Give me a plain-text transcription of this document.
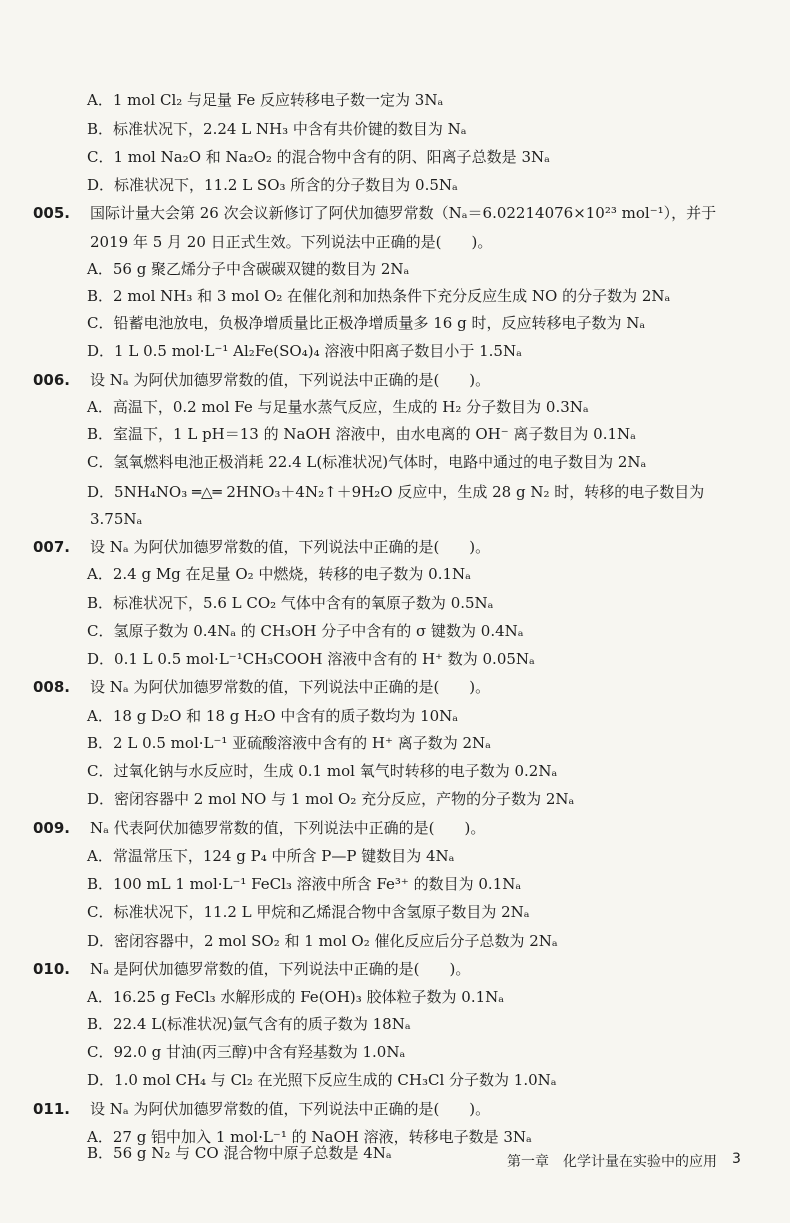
A．1 mol Cl₂ 与足量 Fe 反应转移电子数一定为 3Nₐ
B．标准状况下，2.24 L NH₃ 中含有共价键的数目为 Nₐ
C．1 mol Na₂O 和 Na₂O₂ 的混合物中含有的阴、阳离子总数是 3Nₐ
D．标准状况下，11.2 L SO₃ 所含的分子数目为 0.5Nₐ
005. 国际计量大会第 26 次会议新修订了阿伏加德罗常数（Nₐ＝6.02214076×10²³ mol⁻¹），并于
2019 年 5 月 20 日正式生效。下列说法中正确的是(　　)。
A．56 g 聚乙烯分子中含碳碳双键的数目为 2Nₐ
B．2 mol NH₃ 和 3 mol O₂ 在催化剂和加热条件下充分反应生成 NO 的分子数为 2Nₐ
C．铅蓄电池放电，负极净增质量比正极净增质量多 16 g 时，反应转移电子数为 Nₐ
D．1 L 0.5 mol·L⁻¹ Al₂Fe(SO₄)₄ 溶液中阳离子数目小于 1.5Nₐ
006. 设 Nₐ 为阿伏加德罗常数的值，下列说法中正确的是(　　)。
A．高温下，0.2 mol Fe 与足量水蒸气反应，生成的 H₂ 分子数目为 0.3Nₐ
B．室温下，1 L pH＝13 的 NaOH 溶液中，由水电离的 OH⁻ 离子数目为 0.1Nₐ
C．氢氧燃料电池正极消耗 22.4 L(标准状况)气体时，电路中通过的电子数目为 2Nₐ
D．5NH₄NO₃ ═△═ 2HNO₃＋4N₂↑＋9H₂O 反应中，生成 28 g N₂ 时，转移的电子数目为
3.75Nₐ
007. 设 Nₐ 为阿伏加德罗常数的值，下列说法中正确的是(　　)。
A．2.4 g Mg 在足量 O₂ 中燃烧，转移的电子数为 0.1Nₐ
B．标准状况下，5.6 L CO₂ 气体中含有的氧原子数为 0.5Nₐ
C．氢原子数为 0.4Nₐ 的 CH₃OH 分子中含有的 σ 键数为 0.4Nₐ
D．0.1 L 0.5 mol·L⁻¹CH₃COOH 溶液中含有的 H⁺ 数为 0.05Nₐ
008. 设 Nₐ 为阿伏加德罗常数的值，下列说法中正确的是(　　)。
A．18 g D₂O 和 18 g H₂O 中含有的质子数均为 10Nₐ
B．2 L 0.5 mol·L⁻¹ 亚硫酸溶液中含有的 H⁺ 离子数为 2Nₐ
C．过氧化钠与水反应时，生成 0.1 mol 氧气时转移的电子数为 0.2Nₐ
D．密闭容器中 2 mol NO 与 1 mol O₂ 充分反应，产物的分子数为 2Nₐ
009. Nₐ 代表阿伏加德罗常数的值，下列说法中正确的是(　　)。
A．常温常压下，124 g P₄ 中所含 P—P 键数目为 4Nₐ
B．100 mL 1 mol·L⁻¹ FeCl₃ 溶液中所含 Fe³⁺ 的数目为 0.1Nₐ
C．标准状况下，11.2 L 甲烷和乙烯混合物中含氢原子数目为 2Nₐ
D．密闭容器中，2 mol SO₂ 和 1 mol O₂ 催化反应后分子总数为 2Nₐ
010. Nₐ 是阿伏加德罗常数的值，下列说法中正确的是(　　)。
A．16.25 g FeCl₃ 水解形成的 Fe(OH)₃ 胶体粒子数为 0.1Nₐ
B．22.4 L(标准状况)氩气含有的质子数为 18Nₐ
C．92.0 g 甘油(丙三醇)中含有羟基数为 1.0Nₐ
D．1.0 mol CH₄ 与 Cl₂ 在光照下反应生成的 CH₃Cl 分子数为 1.0Nₐ
011. 设 Nₐ 为阿伏加德罗常数的值，下列说法中正确的是(　　)。
A．27 g 铝中加入 1 mol·L⁻¹ 的 NaOH 溶液，转移电子数是 3Nₐ
B．56 g N₂ 与 CO 混合物中原子总数是 4Nₐ
第一章　化学计量在实验中的应用 3
